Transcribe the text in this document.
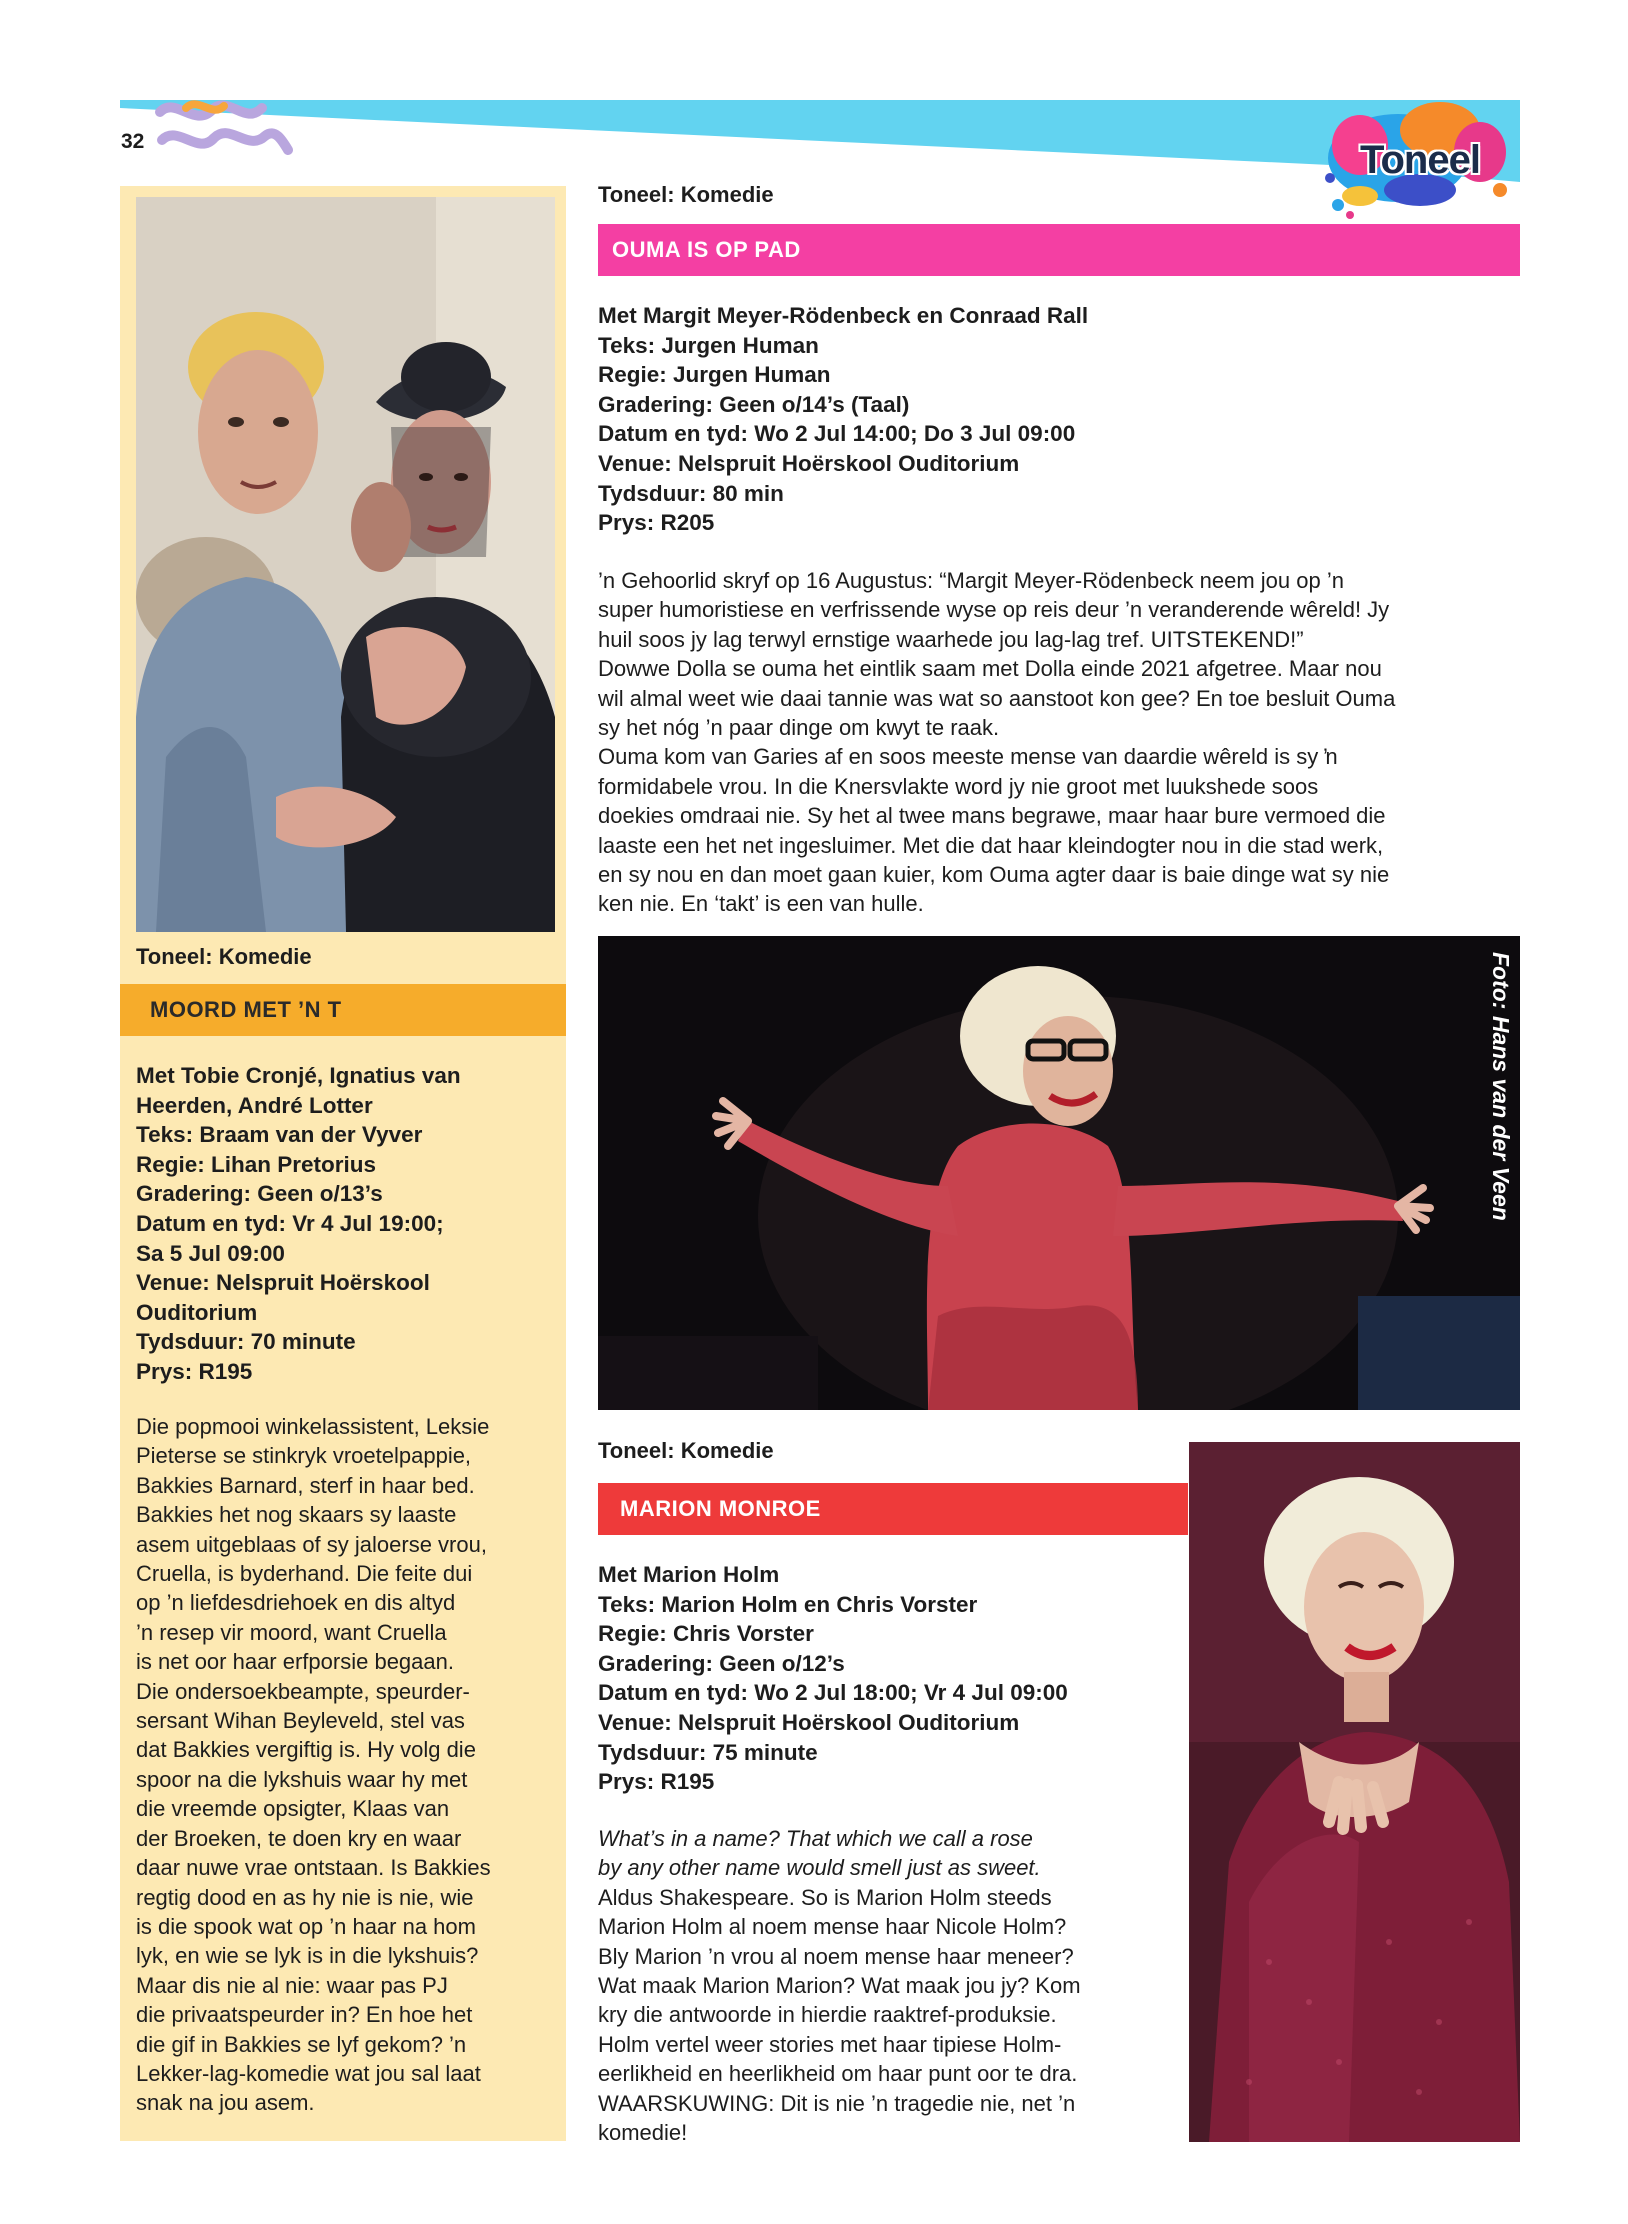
32	Toneel
Toneel: Komedie
MOORD MET ’N T
Met Tobie Cronjé, Ignatius van
Heerden, André Lotter
Teks: Braam van der Vyver
Regie: Lihan Pretorius
Gradering: Geen o/13’s
Datum en tyd: Vr 4 Jul 19:00;
Sa 5 Jul 09:00
Venue: Nelspruit Hoërskool
Ouditorium
Tydsduur: 70 minute
Prys: R195
Die popmooi winkelassistent, Leksie
Pieterse se stinkryk vroetelpappie,
Bakkies Barnard, sterf in haar bed.
Bakkies het nog skaars sy laaste
asem uitgeblaas of sy jaloerse vrou,
Cruella, is byderhand. Die feite dui
op ’n liefdesdriehoek en dis altyd
’n resep vir moord, want Cruella
is net oor haar erfporsie begaan.
Die ondersoekbeampte, speurder-
sersant Wihan Beyleveld, stel vas
dat Bakkies vergiftig is. Hy volg die
spoor na die lykshuis waar hy met
die vreemde opsigter, Klaas van
der Broeken, te doen kry en waar
daar nuwe vrae ontstaan. Is Bakkies
regtig dood en as hy nie is nie, wie
is die spook wat op ’n haar na hom
lyk, en wie se lyk is in die lykshuis?
Maar dis nie al nie: waar pas PJ
die privaatspeurder in? En hoe het
die gif in Bakkies se lyf gekom? ’n
Lekker-lag-komedie wat jou sal laat
snak na jou asem.
Toneel: Komedie
OUMA IS OP PAD
Met Margit Meyer-Rödenbeck en Conraad Rall
Teks: Jurgen Human
Regie: Jurgen Human
Gradering: Geen o/14’s (Taal)
Datum en tyd: Wo 2 Jul 14:00; Do 3 Jul 09:00
Venue: Nelspruit Hoërskool Ouditorium
Tydsduur: 80 min
Prys: R205
’n Gehoorlid skryf op 16 Augustus: “Margit Meyer-Rödenbeck neem jou op ’n
super humoristiese en verfrissende wyse op reis deur ’n veranderende wêreld! Jy
huil soos jy lag terwyl ernstige waarhede jou lag-lag tref. UITSTEKEND!”
Dowwe Dolla se ouma het eintlik saam met Dolla einde 2021 afgetree. Maar nou
wil almal weet wie daai tannie was wat so aanstoot kon gee? En toe besluit Ouma
sy het nóg ’n paar dinge om kwyt te raak.
Ouma kom van Garies af en soos meeste mense van daardie wêreld is sy ŉ
formidabele vrou. In die Knersvlakte word jy nie groot met luukshede soos
doekies omdraai nie. Sy het al twee mans begrawe, maar haar bure vermoed die
laaste een het net ingesluimer. Met die dat haar kleindogter nou in die stad werk,
en sy nou en dan moet gaan kuier, kom Ouma agter daar is baie dinge wat sy nie
ken nie. En ‘takt’ is een van hulle.
Foto: Hans van der Veen
Toneel: Komedie
MARION MONROE
Met Marion Holm
Teks: Marion Holm en Chris Vorster
Regie: Chris Vorster
Gradering: Geen o/12’s
Datum en tyd: Wo 2 Jul 18:00; Vr 4 Jul 09:00
Venue: Nelspruit Hoërskool Ouditorium
Tydsduur: 75 minute
Prys: R195
What’s in a name? That which we call a rose
by any other name would smell just as sweet.
Aldus Shakespeare. So is Marion Holm steeds
Marion Holm al noem mense haar Nicole Holm?
Bly Marion ’n vrou al noem mense haar meneer?
Wat maak Marion Marion? Wat maak jou jy? Kom
kry die antwoorde in hierdie raaktref-produksie.
Holm vertel weer stories met haar tipiese Holm-
eerlikheid en heerlikheid om haar punt oor te dra.
WAARSKUWING: Dit is nie ’n tragedie nie, net ’n
komedie!
